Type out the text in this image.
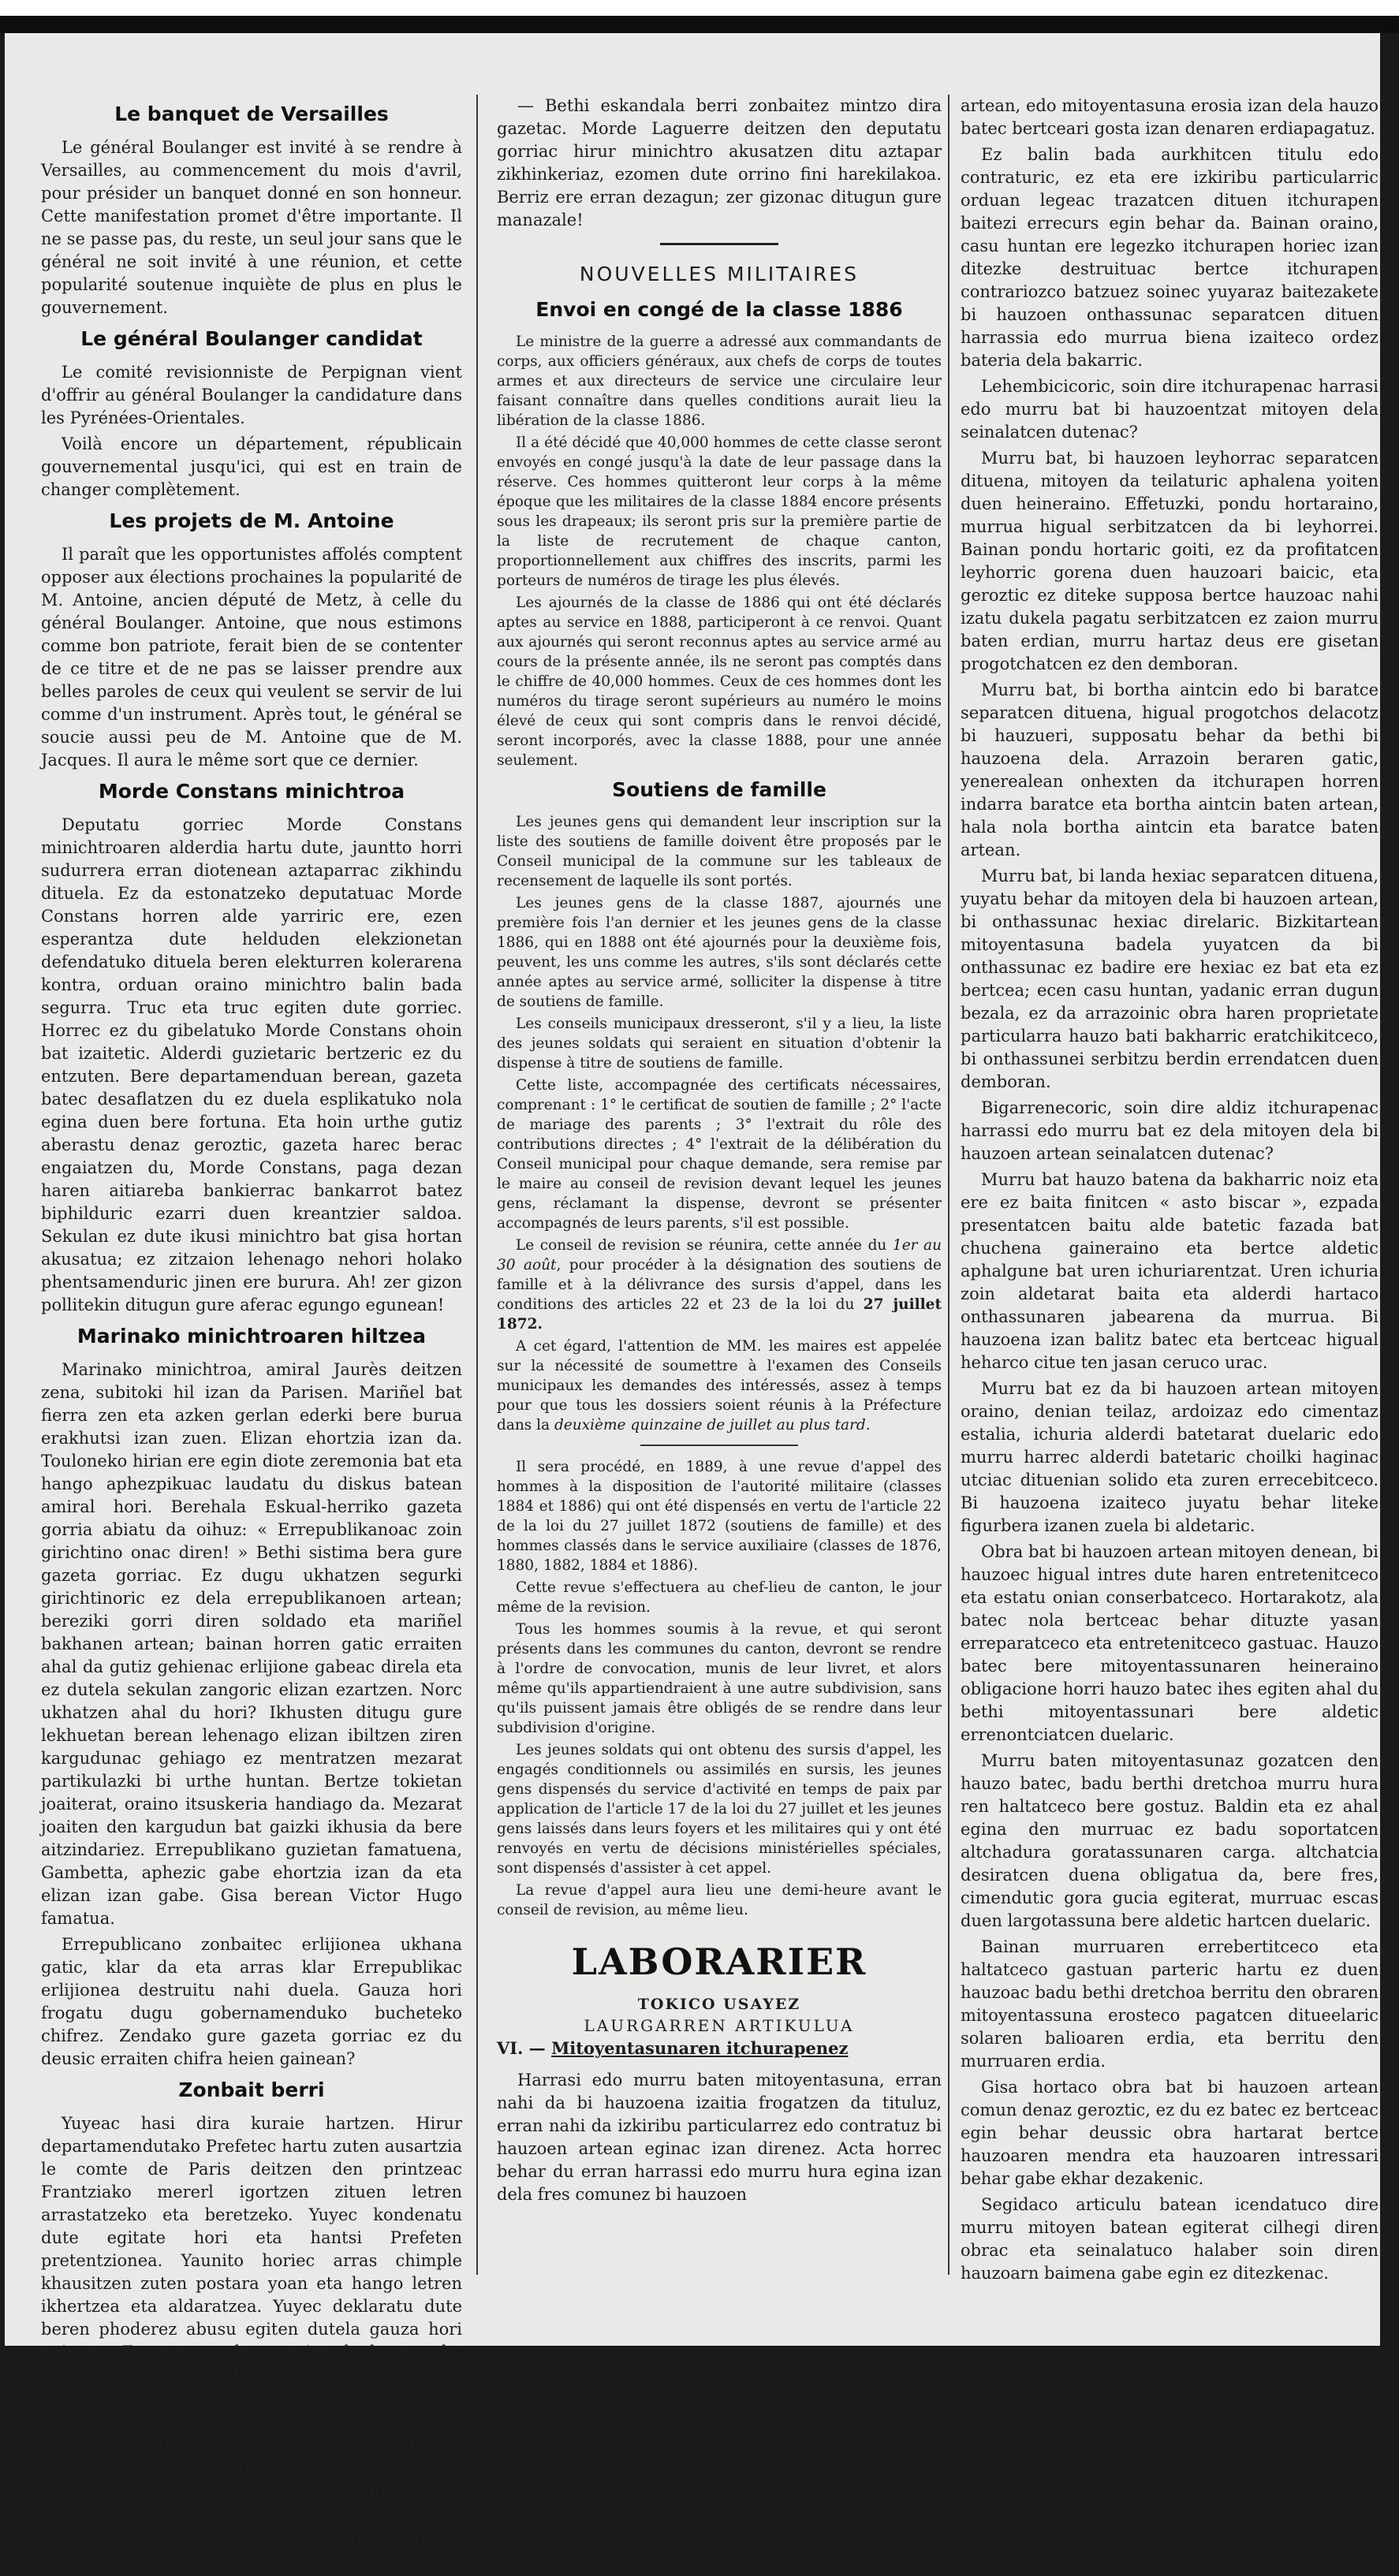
Le banquet de Versailles

Le général Boulanger est invité à se rendre à Versailles, au commencement du mois d'avril, pour présider un banquet donné en son honneur. Cette manifestation promet d'être importante. Il ne se passe pas, du reste, un seul jour sans que le général ne soit invité à une réunion, et cette popularité soutenue inquiète de plus en plus le gouvernement.

Le général Boulanger candidat

Le comité revisionniste de Perpignan vient d'offrir au général Boulanger la candidature dans les Pyrénées-Orientales.

Voilà encore un département, républicain gouvernemental jusqu'ici, qui est en train de changer complètement.

Les projets de M. Antoine

Il paraît que les opportunistes affolés comptent opposer aux élections prochaines la popularité de M. Antoine, ancien député de Metz, à celle du général Boulanger. Antoine, que nous estimons comme bon patriote, ferait bien de se contenter de ce titre et de ne pas se laisser prendre aux belles paroles de ceux qui veulent se servir de lui comme d'un instrument. Après tout, le général se soucie aussi peu de M. Antoine que de M. Jacques. Il aura le même sort que ce dernier.

Morde Constans minichtroa

Deputatu gorriec Morde Constans minichtroaren alderdia hartu dute, jauntto horri sudurrera erran diotenean aztaparrac zikhindu dituela. Ez da estonatzeko deputatuac Morde Constans horren alde yarriric ere, ezen esperantza dute helduden elekzionetan defendatuko dituela beren elekturren kolerarena kontra, orduan oraino minichtro balin bada segurra. Truc eta truc egiten dute gorriec. Horrec ez du gibelatuko Morde Constans ohoin bat izaitetic. Alderdi guzietaric bertzeric ez du entzuten. Bere departamenduan berean, gazeta batec desaflatzen du ez duela esplikatuko nola egina duen bere fortuna. Eta hoin urthe gutiz aberastu denaz geroztic, gazeta harec berac engaiatzen du, Morde Constans, paga dezan haren aitiareba bankierrac bankarrot batez biphilduric ezarri duen kreantzier saldoa. Sekulan ez dute ikusi minichtro bat gisa hortan akusatua; ez zitzaion lehenago nehori holako phentsamenduric jinen ere burura. Ah! zer gizon pollitekin ditugun gure aferac egungo egunean!

Marinako minichtroaren hiltzea

Marinako minichtroa, amiral Jaurès deitzen zena, subitoki hil izan da Parisen. Mariñel bat fierra zen eta azken gerlan ederki bere burua erakhutsi izan zuen. Elizan ehortzia izan da. Touloneko hirian ere egin diote zeremonia bat eta hango aphezpikuac laudatu du diskus batean amiral hori. Berehala Eskual-herriko gazeta gorria abiatu da oihuz: « Errepublikanoac zoin girichtino onac diren! » Bethi sistima bera gure gazeta gorriac. Ez dugu ukhatzen segurki girichtinoric ez dela errepublikanoen artean; bereziki gorri diren soldado eta mariñel bakhanen artean; bainan horren gatic erraiten ahal da gutiz gehienac erlijione gabeac direla eta ez dutela sekulan zangoric elizan ezartzen. Norc ukhatzen ahal du hori? Ikhusten ditugu gure lekhuetan berean lehenago elizan ibiltzen ziren kargudunac gehiago ez mentratzen mezarat partikulazki bi urthe huntan. Bertze tokietan joaiterat, oraino itsuskeria handiago da. Mezarat joaiten den kargudun bat gaizki ikhusia da bere aitzindariez. Errepublikano guzietan famatuena, Gambetta, aphezic gabe ehortzia izan da eta elizan izan gabe. Gisa berean Victor Hugo famatua.

Errepublicano zonbaitec erlijionea ukhana gatic, klar da eta arras klar Errepublikac erlijionea destruitu nahi duela. Gauza hori frogatu dugu gobernamenduko bucheteko chifrez. Zendako gure gazeta gorriac ez du deusic erraiten chifra heien gainean?

Zonbait berri

Yuyeac hasi dira kuraie hartzen. Hirur departamendutako Prefetec hartu zuten ausartzia le comte de Paris deitzen den printzeac Frantziako mererl igortzen zituen letren arrastatzeko eta beretzeko. Yuyec kondenatu dute egitate hori eta hantsi Prefeten pretentzionea. Yaunito horiec arras chimple khausitzen zuten postara yoan eta hango letren ikhertzea eta aldaratzea. Yuyec deklaratu dute beren phoderez abusu egiten dutela gauza hori egitean. Esperantza dugu anitz denbora gabe punitzen izanen direla holako egileac.

— Frantzia barneko deputatu batec behar ukhan du pleinta bat egin Prefetari bere departamenduko kantonierren eta bertze chehatalen izenean. Erreglamenduen arabera hilabethe guziez pagaturic izan behar diten yende malurus hec, sos bat ez dute hunkitu yoan den urriaz geroz. Zer baruria egin arazten dioten gobernamenduac!

— Bethi eskandala berri zonbaitez mintzo dira gazetac. Morde Laguerre deitzen den deputatu gorriac hirur minichtro akusatzen ditu aztapar zikhinkeriaz, ezomen dute orrino fini harekilakoa. Berriz ere erran dezagun; zer gizonac ditugun gure manazale!

NOUVELLES MILITAIRES
Envoi en congé de la classe 1886

Le ministre de la guerre a adressé aux commandants de corps, aux officiers généraux, aux chefs de corps de toutes armes et aux directeurs de service une circulaire leur faisant connaître dans quelles conditions aurait lieu la libération de la classe 1886.

Il a été décidé que 40,000 hommes de cette classe seront envoyés en congé jusqu'à la date de leur passage dans la réserve. Ces hommes quitteront leur corps à la même époque que les militaires de la classe 1884 encore présents sous les drapeaux; ils seront pris sur la première partie de la liste de recrutement de chaque canton, proportionnellement aux chiffres des inscrits, parmi les porteurs de numéros de tirage les plus élevés.

Les ajournés de la classe de 1886 qui ont été déclarés aptes au service en 1888, participeront à ce renvoi. Quant aux ajournés qui seront reconnus aptes au service armé au cours de la présente année, ils ne seront pas comptés dans le chiffre de 40,000 hommes. Ceux de ces hommes dont les numéros du tirage seront supérieurs au numéro le moins élevé de ceux qui sont compris dans le renvoi décidé, seront incorporés, avec la classe 1888, pour une année seulement.

Soutiens de famille

Les jeunes gens qui demandent leur inscription sur la liste des soutiens de famille doivent être proposés par le Conseil municipal de la commune sur les tableaux de recensement de laquelle ils sont portés.

Les jeunes gens de la classe 1887, ajournés une première fois l'an dernier et les jeunes gens de la classe 1886, qui en 1888 ont été ajournés pour la deuxième fois, peuvent, les uns comme les autres, s'ils sont déclarés cette année aptes au service armé, solliciter la dispense à titre de soutiens de famille.

Les conseils municipaux dresseront, s'il y a lieu, la liste des jeunes soldats qui seraient en situation d'obtenir la dispense à titre de soutiens de famille.

Cette liste, accompagnée des certificats nécessaires, comprenant : 1° le certificat de soutien de famille ; 2° l'acte de mariage des parents ; 3° l'extrait du rôle des contributions directes ; 4° l'extrait de la délibération du Conseil municipal pour chaque demande, sera remise par le maire au conseil de revision devant lequel les jeunes gens, réclamant la dispense, devront se présenter accompagnés de leurs parents, s'il est possible.

Le conseil de revision se réunira, cette année du 1er au 30 août, pour procéder à la désignation des soutiens de famille et à la délivrance des sursis d'appel, dans les conditions des articles 22 et 23 de la loi du 27 juillet 1872.

A cet égard, l'attention de MM. les maires est appelée sur la nécessité de soumettre à l'examen des Conseils municipaux les demandes des intéressés, assez à temps pour que tous les dossiers soient réunis à la Préfecture dans la deuxième quinzaine de juillet au plus tard.

Il sera procédé, en 1889, à une revue d'appel des hommes à la disposition de l'autorité militaire (classes 1884 et 1886) qui ont été dispensés en vertu de l'article 22 de la loi du 27 juillet 1872 (soutiens de famille) et des hommes classés dans le service auxiliaire (classes de 1876, 1880, 1882, 1884 et 1886).

Cette revue s'effectuera au chef-lieu de canton, le jour même de la revision.

Tous les hommes soumis à la revue, et qui seront présents dans les communes du canton, devront se rendre à l'ordre de convocation, munis de leur livret, et alors même qu'ils appartiendraient à une autre subdivision, sans qu'ils puissent jamais être obligés de se rendre dans leur subdivision d'origine.

Les jeunes soldats qui ont obtenu des sursis d'appel, les engagés conditionnels ou assimilés en sursis, les jeunes gens dispensés du service d'activité en temps de paix par application de l'article 17 de la loi du 27 juillet et les jeunes gens laissés dans leurs foyers et les militaires qui y ont été renvoyés en vertu de décisions ministérielles spéciales, sont dispensés d'assister à cet appel.

La revue d'appel aura lieu une demi-heure avant le conseil de revision, au même lieu.

LABORARIER
TOKICO USAYEZ
LAURGARREN ARTIKULUA
VI. — Mitoyentasunaren itchurapenez

Harrasi edo murru baten mitoyentasuna, erran nahi da bi hauzoena izaitia frogatzen da tituluz, erran nahi da izkiribu particularrez edo contratuz bi hauzoen artean eginac izan direnez. Acta horrec behar du erran harrassi edo murru hura egina izan dela fres comunez bi hauzoen

artean, edo mitoyentasuna erosia izan dela hauzo batec bertceari gosta izan denaren erdiapagatuz.

Ez balin bada aurkhitcen titulu edo contraturic, ez eta ere izkiribu particularric orduan legeac trazatcen dituen itchurapen baitezi errecurs egin behar da. Bainan oraino, casu huntan ere legezko itchurapen horiec izan ditezke destruituac bertce itchurapen contrariozco batzuez soinec yuyaraz baitezakete bi hauzoen onthassunac separatcen dituen harrassia edo murrua biena izaiteco ordez bateria dela bakarric.

Lehembicicoric, soin dire itchurapenac harrasi edo murru bat bi hauzoentzat mitoyen dela seinalatcen dutenac?

Murru bat, bi hauzoen leyhorrac separatcen dituena, mitoyen da teilaturic aphalena yoiten duen heineraino. Effetuzki, pondu hortaraino, murrua higual serbitzatcen da bi leyhorrei. Bainan pondu hortaric goiti, ez da profitatcen leyhorric gorena duen hauzoari baicic, eta geroztic ez diteke supposa bertce hauzoac nahi izatu dukela pagatu serbitzatcen ez zaion murru baten erdian, murru hartaz deus ere gisetan progotchatcen ez den demboran.

Murru bat, bi bortha aintcin edo bi baratce separatcen dituena, higual progotchos delacotz bi hauzueri, supposatu behar da bethi bi hauzoena dela. Arrazoin beraren gatic, yenerealean onhexten da itchurapen horren indarra baratce eta bortha aintcin baten artean, hala nola bortha aintcin eta baratce baten artean.

Murru bat, bi landa hexiac separatcen dituena, yuyatu behar da mitoyen dela bi hauzoen artean, bi onthassunac hexiac direlaric. Bizkitartean mitoyentasuna badela yuyatcen da bi onthassunac ez badire ere hexiac ez bat eta ez bertcea; ecen casu huntan, yadanic erran dugun bezala, ez da arrazoinic obra haren proprietate particularra hauzo bati bakharric eratchikitceco, bi onthassunei serbitzu berdin errendatcen duen demboran.

Bigarrenecoric, soin dire aldiz itchurapenac harrassi edo murru bat ez dela mitoyen dela bi hauzoen artean seinalatcen dutenac?

Murru bat hauzo batena da bakharric noiz eta ere ez baita finitcen « asto biscar », ezpada presentatcen baitu alde batetic fazada bat chuchena gaineraino eta bertce aldetic aphalgune bat uren ichuriarentzat. Uren ichuria zoin aldetarat baita eta alderdi hartaco onthassunaren jabearena da murrua. Bi hauzoena izan balitz batec eta bertceac higual heharco citue ten jasan ceruco urac.

Murru bat ez da bi hauzoen artean mitoyen oraino, denian teilaz, ardoizaz edo cimentaz estalia, ichuria alderdi batetarat duelaric edo murru harrec alderdi batetaric choilki haginac utciac dituenian solido eta zuren errecebitceco. Bi hauzoena izaiteco juyatu behar liteke figurbera izanen zuela bi aldetaric.

Obra bat bi hauzoen artean mitoyen denean, bi hauzoec higual intres dute haren entretenitceco eta estatu onian conserbatceco. Hortarakotz, ala batec nola bertceac behar dituzte yasan erreparatceco eta entretenitceco gastuac. Hauzo batec bere mitoyentassunaren heineraino obligacione horri hauzo batec ihes egiten ahal du bethi mitoyentassunari bere aldetic errenontciatcen duelaric.

Murru baten mitoyentasunaz gozatcen den hauzo batec, badu berthi dretchoa murru hura ren haltatceco bere gostuz. Baldin eta ez ahal egina den murruac ez badu soportatcen altchadura goratassunaren carga. altchatcia desiratcen duena obligatua da, bere fres, cimendutic gora gucia egiterat, murruac escas duen largotassuna bere aldetic hartcen duelaric.

Bainan murruaren errebertitceco eta haltatceco gastuan parteric hartu ez duen hauzoac badu bethi dretchoa berritu den obraren mitoyentassuna erosteco pagatcen ditueelaric solaren balioaren erdia, eta berritu den murruaren erdia.

Gisa hortaco obra bat bi hauzoen artean comun denaz geroztic, ez du ez batec ez bertceac egin behar deussic obra hartarat bertce hauzoaren mendra eta hauzoaren intressari behar gabe ekhar dezakenic.

Segidaco articulu batean icendatuco dire murru mitoyen batean egiterat cilhegi diren obrac eta seinalatuco halaber soin diren hauzoarn baimena gabe egin ez ditezkenac.
